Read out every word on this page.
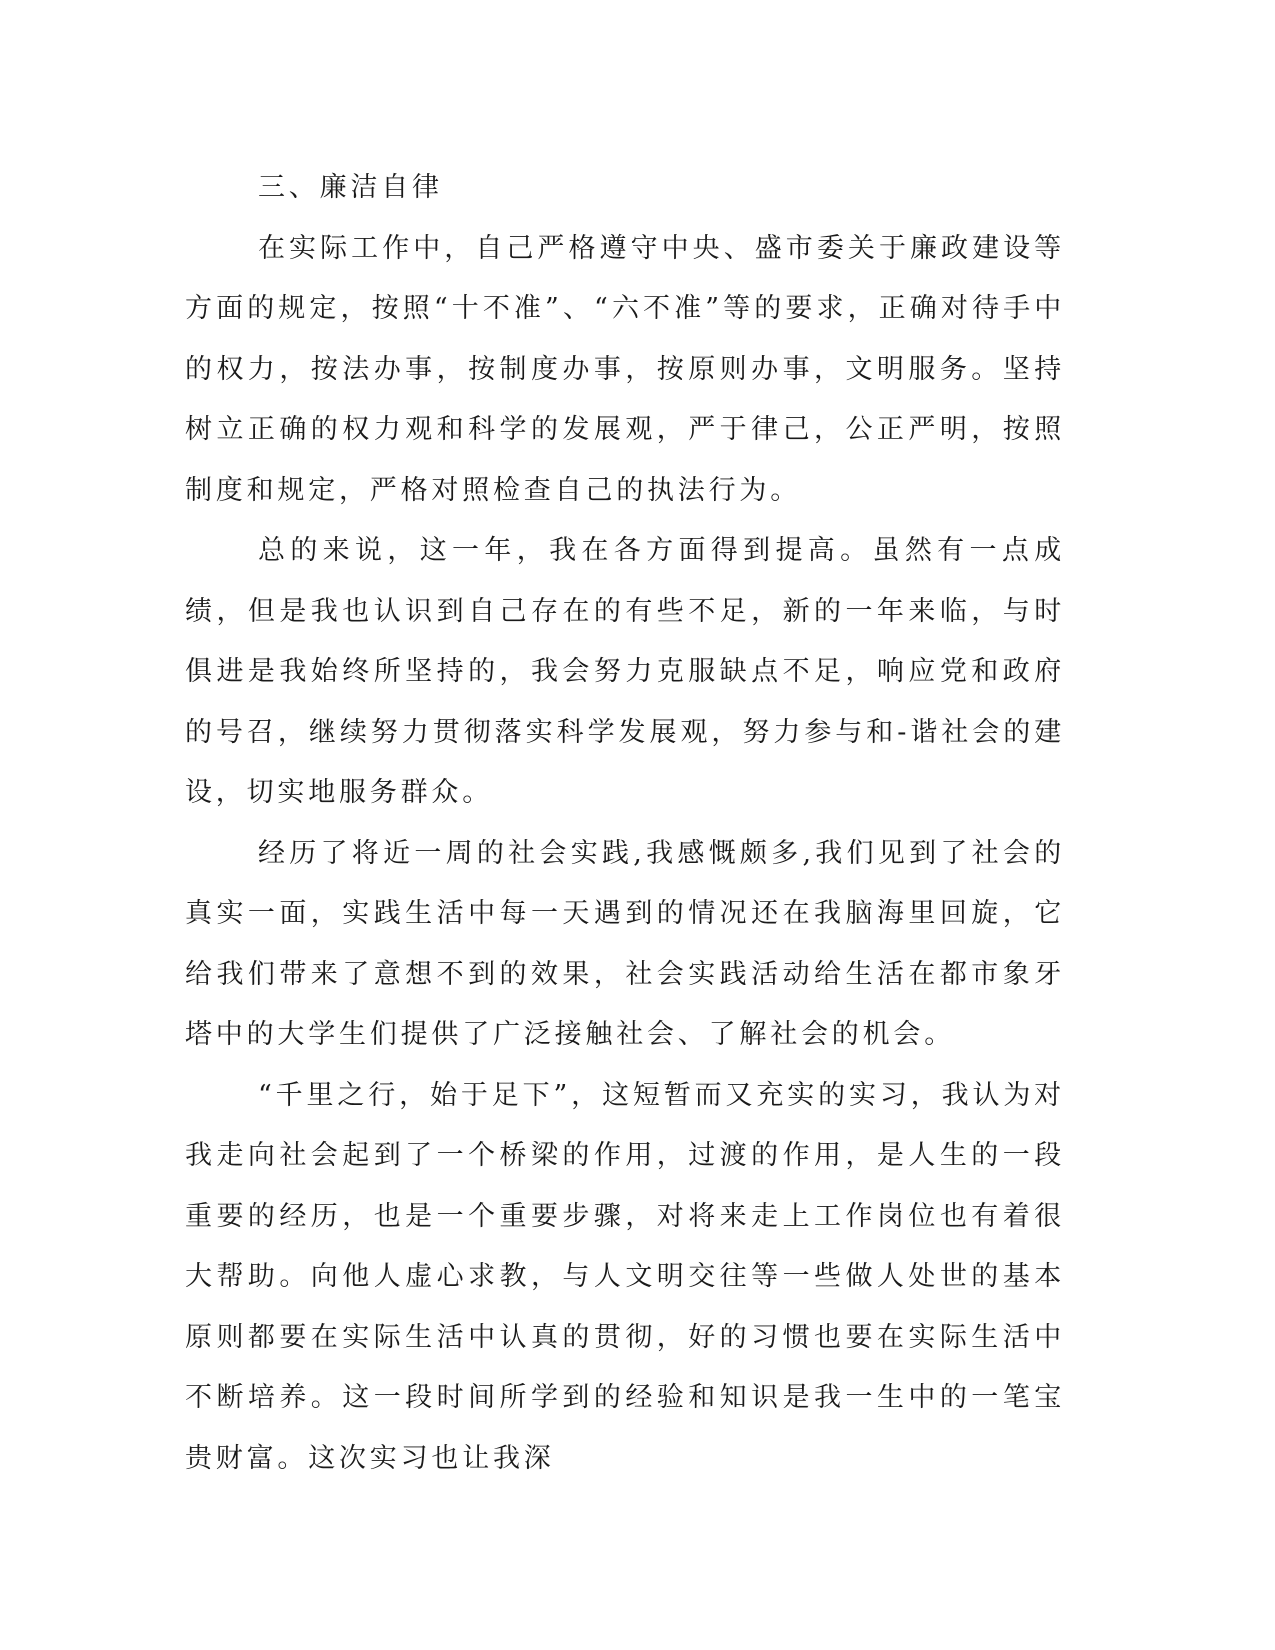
三、廉洁自律

在实际工作中，自己严格遵守中央、盛市委关于廉政建设等方面的规定，按照“十不准”、“六不准”等的要求，正确对待手中的权力，按法办事，按制度办事，按原则办事，文明服务。坚持树立正确的权力观和科学的发展观，严于律己，公正严明，按照制度和规定，严格对照检查自己的执法行为。

总的来说，这一年，我在各方面得到提高。虽然有一点成绩，但是我也认识到自己存在的有些不足，新的一年来临，与时俱进是我始终所坚持的，我会努力克服缺点不足，响应党和政府的号召，继续努力贯彻落实科学发展观，努力参与和-谐社会的建设，切实地服务群众。

经历了将近一周的社会实践,我感慨颇多,我们见到了社会的真实一面，实践生活中每一天遇到的情况还在我脑海里回旋，它给我们带来了意想不到的效果，社会实践活动给生活在都市象牙塔中的大学生们提供了广泛接触社会、了解社会的机会。

“千里之行，始于足下”，这短暂而又充实的实习，我认为对我走向社会起到了一个桥梁的作用，过渡的作用，是人生的一段重要的经历，也是一个重要步骤，对将来走上工作岗位也有着很大帮助。向他人虚心求教，与人文明交往等一些做人处世的基本原则都要在实际生活中认真的贯彻，好的习惯也要在实际生活中不断培养。这一段时间所学到的经验和知识是我一生中的一笔宝贵财富。这次实习也让我深
